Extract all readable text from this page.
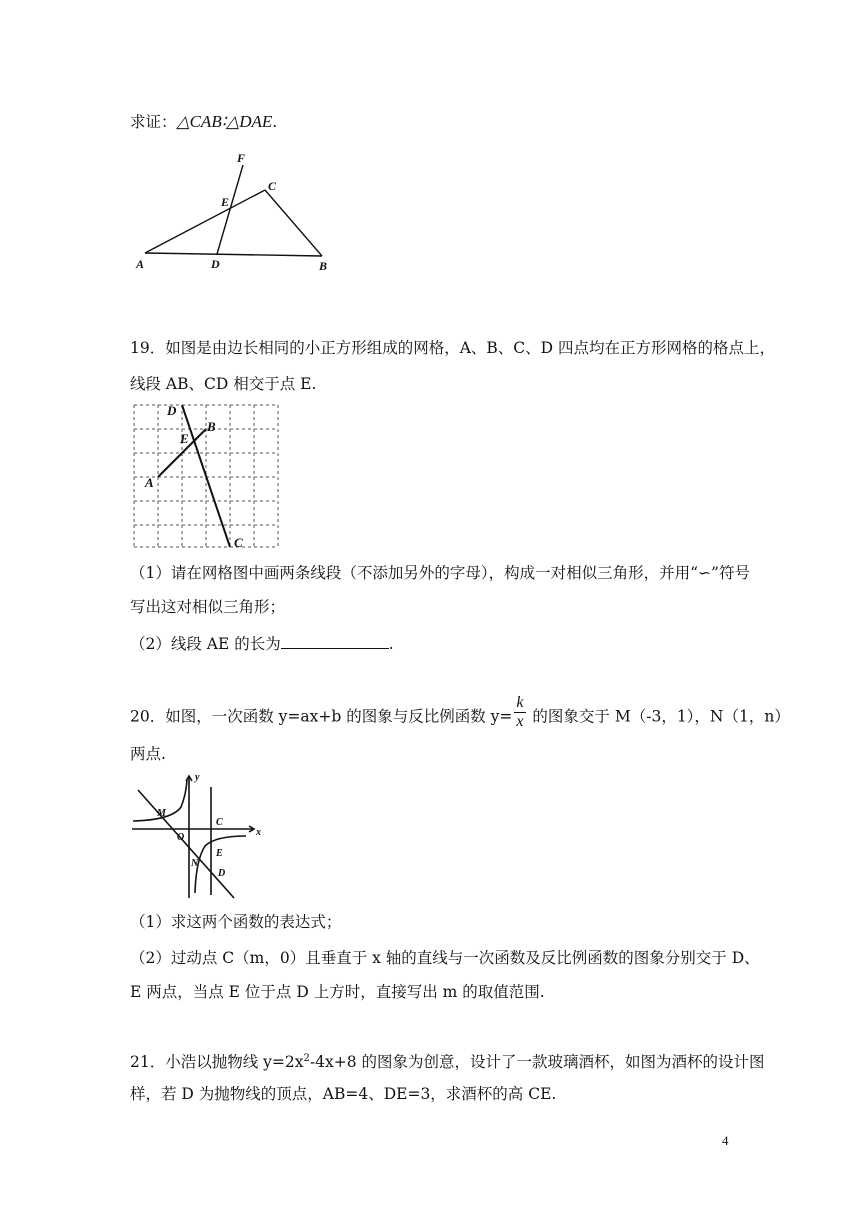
求证：△CAB∶△DAE.
F
C
E
A	D	B
19．如图是由边长相同的小正方形组成的网格，A、B、C、D 四点均在正方形网格的格点上，
线段 AB、CD 相交于点 E.
D
B
E
A
C
（1）请在网格图中画两条线段（不添加另外的字母），构成一对相似三角形，并用“∽”符号
写出这对相似三角形；
（2）线段 AE 的长为	.
20．如图，一次函数 y=ax+b 的图象与反比例函数 $y= \frac{k}{x}$ 的图象交于 M（-3，1），N（1，n）
两点.
y
x
M
O
C
N
E
D
（1）求这两个函数的表达式；
（2）过动点 C（m，0）且垂直于 x 轴的直线与一次函数及反比例函数的图象分别交于 D、
E 两点，当点 E 位于点 D 上方时，直接写出 m 的取值范围.
21．小浩以抛物线 $y=2x^2-4x+8$ 的图象为创意，设计了一款玻璃酒杯，如图为酒杯的设计图
样，若 D 为抛物线的顶点，AB=4、DE=3，求酒杯的高 CE.
4
